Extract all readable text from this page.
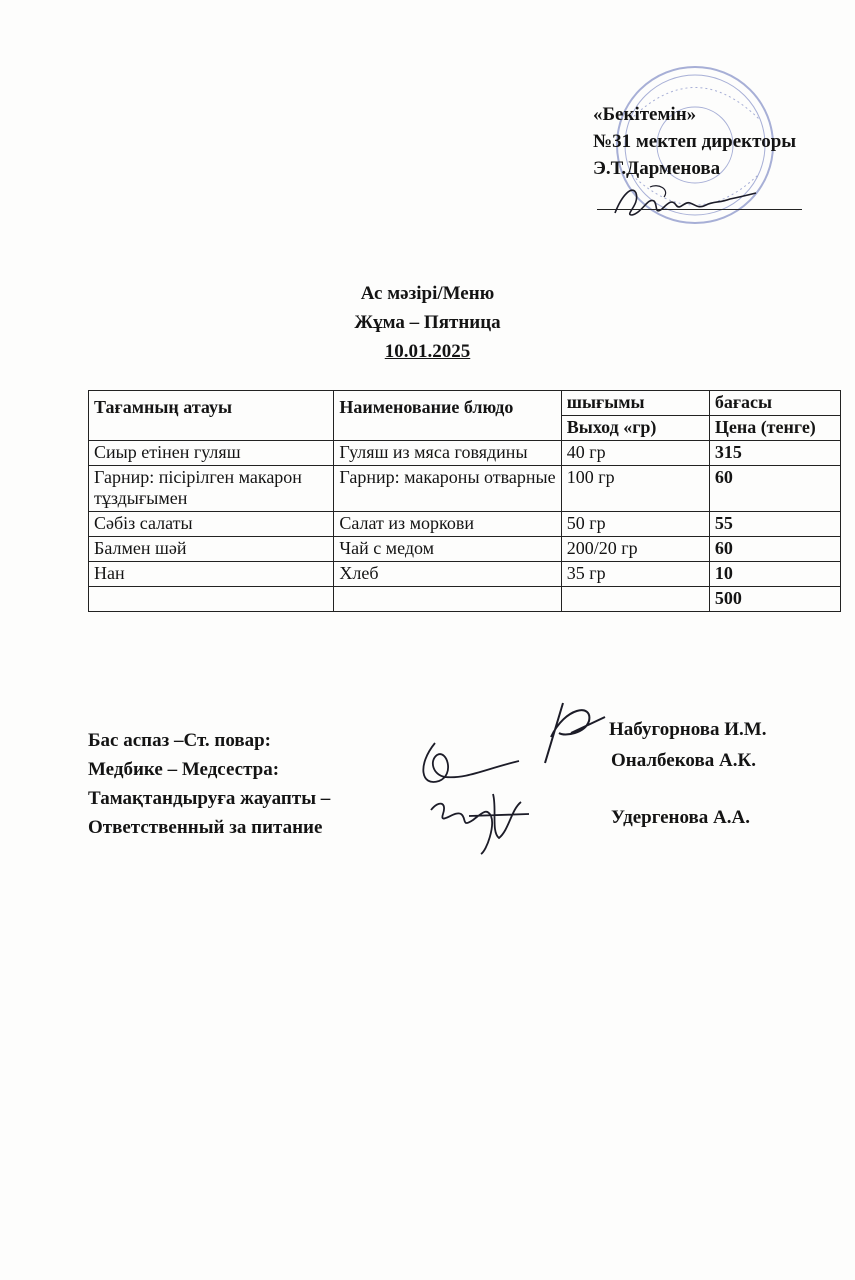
«Бекітемін»
№31 мектеп директоры
Э.Т.Дарменова
Ас мәзірі/Меню
Жұма – Пятница
10.01.2025
Тағамның атауы	Наименование блюдо	шығымы	бағасы
		Выход «гр)	Цена (тенге)
Сиыр етінен гуляш	Гуляш из мяса говядины	40 гр	315
Гарнир: пісірілген макарон тұздығымен	Гарнир: макароны отварные	100 гр	60
Сәбіз салаты	Салат из моркови	50 гр	55
Балмен шәй	Чай с медом	200/20 гр	60
Нан	Хлеб	35 гр	10
			500
Бас аспаз –Ст. повар:
Медбике – Медсестра:
Тамақтандыруға жауапты –
Ответственный за питание
Набугорнова И.М.
Оналбекова А.К.
Удергенова А.А.
